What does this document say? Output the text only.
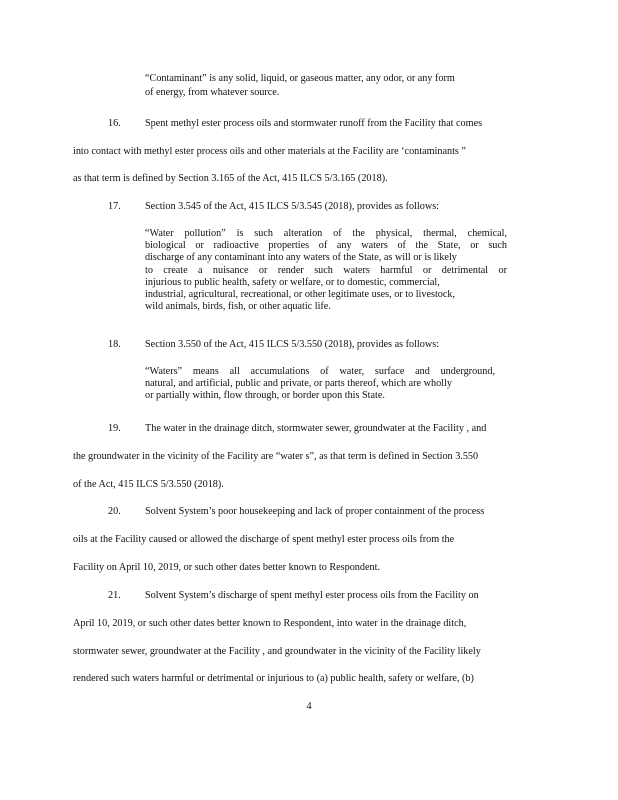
“Contaminant” is any solid, liquid, or gaseous matter, any odor, or any form
of energy, from whatever source.
16. Spent methyl ester process oils and stormwater runoff from the Facility that comes
into contact with methyl ester process oils and other materials at the Facility are ‘contaminants ”
as that term is defined by Section 3.165 of the Act, 415 ILCS 5/3.165 (2018).
17. Section 3.545 of the Act, 415 ILCS 5/3.545 (2018), provides as follows:
“Water pollution” is such alteration of the physical, thermal, chemical,
biological or radioactive properties of any waters of the State, or such
discharge of any contaminant into any waters of the State, as will or is likely
to create a nuisance or render such waters harmful or detrimental or
injurious to public health, safety or welfare, or to domestic, commercial,
industrial, agricultural, recreational, or other legitimate uses, or to livestock,
wild animals, birds, fish, or other aquatic life.
18. Section 3.550 of the Act, 415 ILCS 5/3.550 (2018), provides as follows:
“Waters” means all accumulations of water, surface and underground,
natural, and artificial, public and private, or parts thereof, which are wholly
or partially within, flow through, or border upon this State.
19. The water in the drainage ditch, stormwater sewer, groundwater at the Facility , and
the groundwater in the vicinity of the Facility are “water s”, as that term is defined in Section 3.550
of the Act, 415 ILCS 5/3.550 (2018).
20. Solvent System’s poor housekeeping and lack of proper containment of the process
oils at the Facility caused or allowed the discharge of spent methyl ester process oils from the
Facility on April 10, 2019, or such other dates better known to Respondent.
21. Solvent System’s discharge of spent methyl ester process oils from the Facility on
April 10, 2019, or such other dates better known to Respondent, into water in the drainage ditch,
stormwater sewer, groundwater at the Facility , and groundwater in the vicinity of the Facility likely
rendered such waters harmful or detrimental or injurious to (a) public health, safety or welfare, (b)
4
